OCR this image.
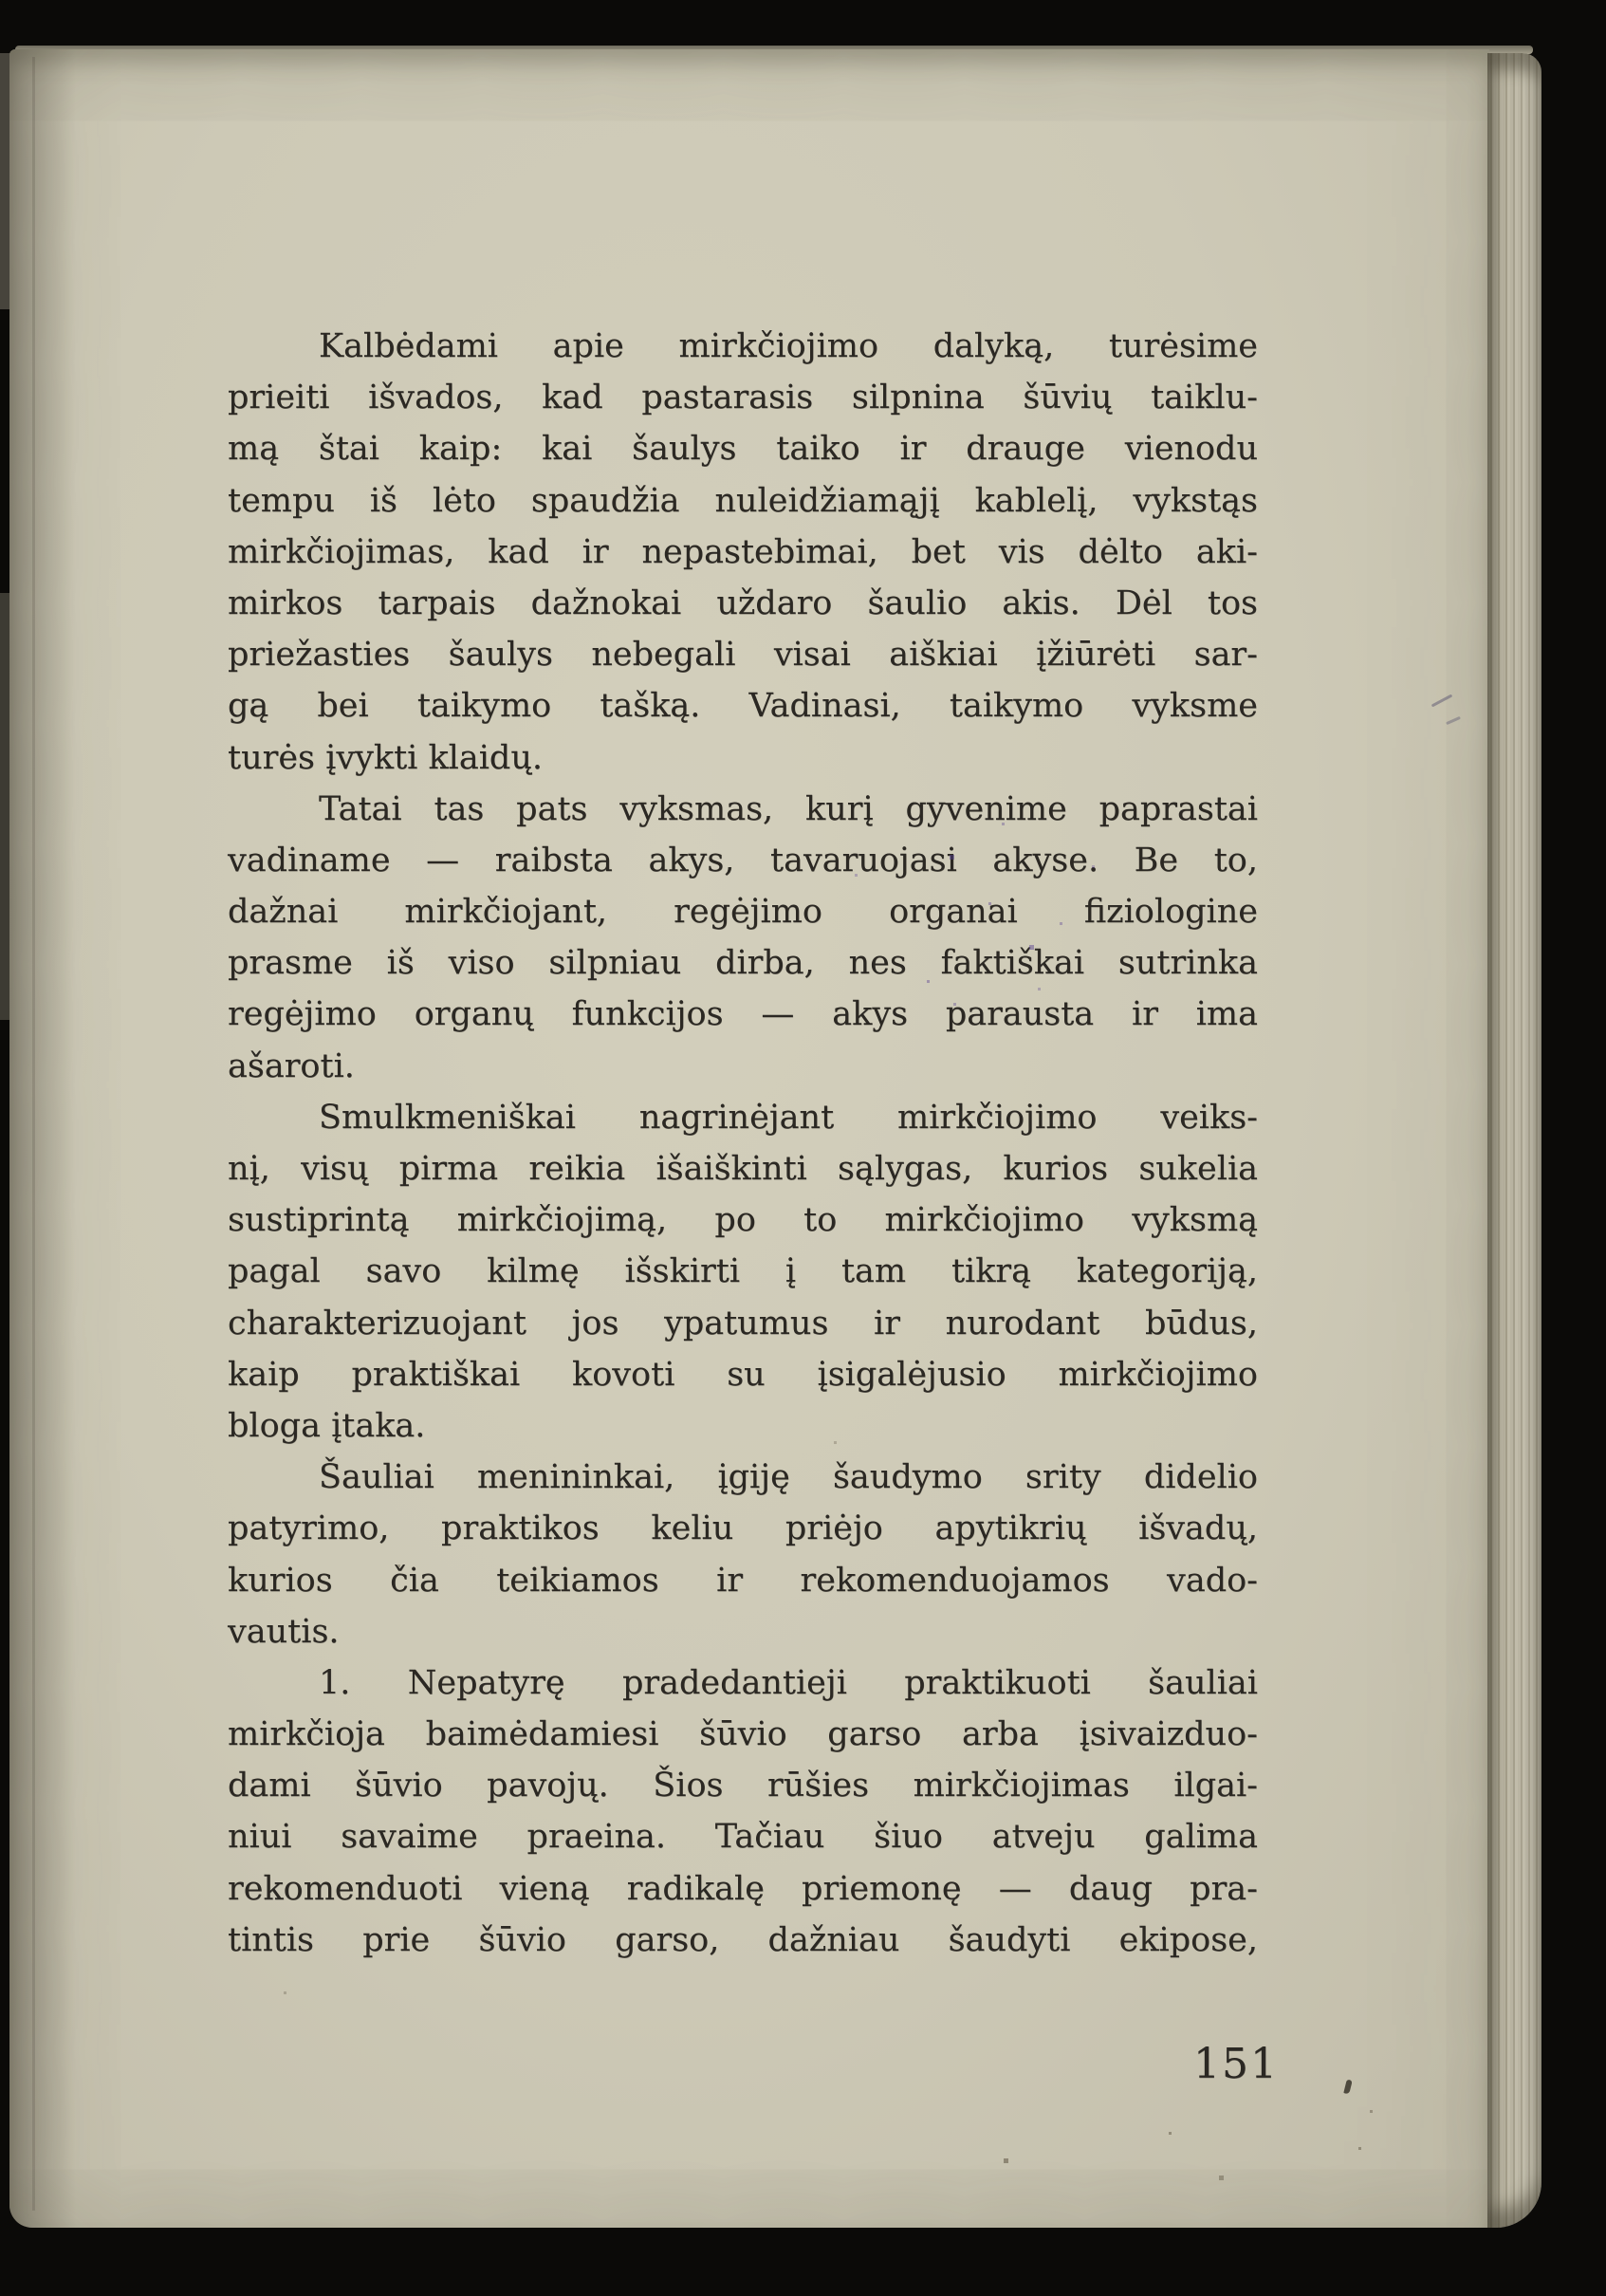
Kalbėdami apie mirkčiojimo dalyką, turėsime
prieiti išvados, kad pastarasis silpnina šūvių taiklu-
mą štai kaip: kai šaulys taiko ir drauge vienodu
tempu iš lėto spaudžia nuleidžiamąjį kablelį, vykstąs
mirkčiojimas, kad ir nepastebimai, bet vis dėlto aki-
mirkos tarpais dažnokai uždaro šaulio akis. Dėl tos
priežasties šaulys nebegali visai aiškiai įžiūrėti sar-
gą bei taikymo tašką. Vadinasi, taikymo vyksme
turės įvykti klaidų.
Tatai tas pats vyksmas, kurį gyvenime paprastai
vadiname — raibsta akys, tavaruojasi akyse. Be to,
dažnai mirkčiojant, regėjimo organai fiziologine
prasme iš viso silpniau dirba, nes faktiškai sutrinka
regėjimo organų funkcijos — akys parausta ir ima
ašaroti.
Smulkmeniškai nagrinėjant mirkčiojimo veiks-
nį, visų pirma reikia išaiškinti sąlygas, kurios sukelia
sustiprintą mirkčiojimą, po to mirkčiojimo vyksmą
pagal savo kilmę išskirti į tam tikrą kategoriją,
charakterizuojant jos ypatumus ir nurodant būdus,
kaip praktiškai kovoti su įsigalėjusio mirkčiojimo
bloga įtaka.
Šauliai menininkai, įgiję šaudymo srity didelio
patyrimo, praktikos keliu priėjo apytikrių išvadų,
kurios čia teikiamos ir rekomenduojamos vado-
vautis.
1. Nepatyrę pradedantieji praktikuoti šauliai
mirkčioja baimėdamiesi šūvio garso arba įsivaizduo-
dami šūvio pavojų. Šios rūšies mirkčiojimas ilgai-
niui savaime praeina. Tačiau šiuo atveju galima
rekomenduoti vieną radikalę priemonę — daug pra-
tintis prie šūvio garso, dažniau šaudyti ekipose,
151
